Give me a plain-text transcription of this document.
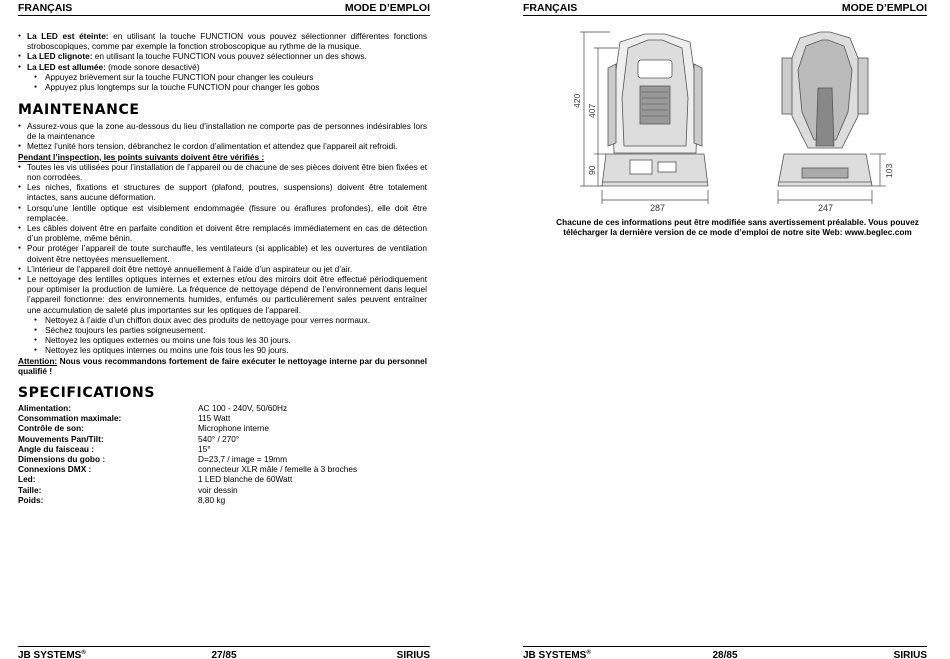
FRANÇAIS	MODE D’EMPLOI
● La LED est éteinte: en utilisant la touche FUNCTION vous pouvez sélectionner différentes fonctions stroboscopiques, comme par exemple la fonction stroboscopique au rythme de la musique.
● La LED clignote: en utilisant la touche FUNCTION vous pouvez sélectionner un des shows.
● La LED est allumée: (mode sonore desactivé)
● Appuyez brièvement sur la touche FUNCTION pour changer les couleurs
● Appuyez plus longtemps sur la touche FUNCTION pour changer les gobos
MAINTENANCE
● Assurez-vous que la zone au-dessous du lieu d’installation ne comporte pas de personnes indésirables lors de la maintenance
● Mettez l’unité hors tension, débranchez le cordon d’alimentation et attendez que l’appareil ait refroidi.
Pendant l’inspection, les points suivants doivent être vérifiés :
● Toutes les vis utilisées pour l’installation de l’appareil ou de chacune de ses pièces doivent être bien fixées et non corrodées.
● Les niches, fixations et structures de support (plafond, poutres, suspensions) doivent être totalement intactes, sans aucune déformation.
● Lorsqu’une lentille optique est visiblement endommagée (fissure ou éraflures profondes), elle doit être remplacée.
● Les câbles doivent être en parfaite condition et doivent être remplacés immédiatement en cas de détection d’un problème, même bénin.
● Pour protéger l’appareil de toute surchauffe, les ventilateurs (si applicable) et les ouvertures de ventilation doivent être nettoyées mensuellement.
● L’intérieur de l’appareil doit être nettoyé annuellement à l’aide d’un aspirateur ou jet d’air.
● Le nettoyage des lentilles optiques internes et externes et/ou des miroirs doit être effectué périodiquement pour optimiser la production de lumière. La fréquence de nettoyage dépend de l’environnement dans lequel l’appareil fonctionne: des environnements humides, enfumés ou particulièrement sales peuvent entraîner une accumulation de saleté plus importantes sur les optiques de l’appareil.
● Nettoyez à l’aide d’un chiffon doux avec des produits de nettoyage pour verres normaux.
● Séchez toujours les parties soigneusement.
● Nettoyez les optiques externes ou moins une fois tous les 30 jours.
● Nettoyez les optiques internes ou moins une fois tous les 90 jours.
Attention: Nous vous recommandons fortement de faire exécuter le nettoyage interne par du personnel qualifié !
SPECIFICATIONS
Alimentation:	AC 100 - 240V, 50/60Hz
Consommation maximale:	115 Watt
Contrôle de son:	Microphone interne
Mouvements Pan/Tilt:	540° / 270°
Angle du faisceau :	15°
Dimensions du gobo :	D=23,7 / image = 19mm
Connexions DMX :	connecteur XLR mâle / femelle à 3 broches
Led:	1 LED blanche de 60Watt
Taille:	voir dessin
Poids:	8,80 kg
JB SYSTEMS®	27/85	SIRIUS
FRANÇAIS	MODE D’EMPLOI
420
407
90
287
103
247
Chacune de ces informations peut être modifiée sans avertissement préalable. Vous pouvez télécharger la dernière version de ce mode d’emploi de notre site Web: www.beglec.com
JB SYSTEMS®	28/85	SIRIUS
